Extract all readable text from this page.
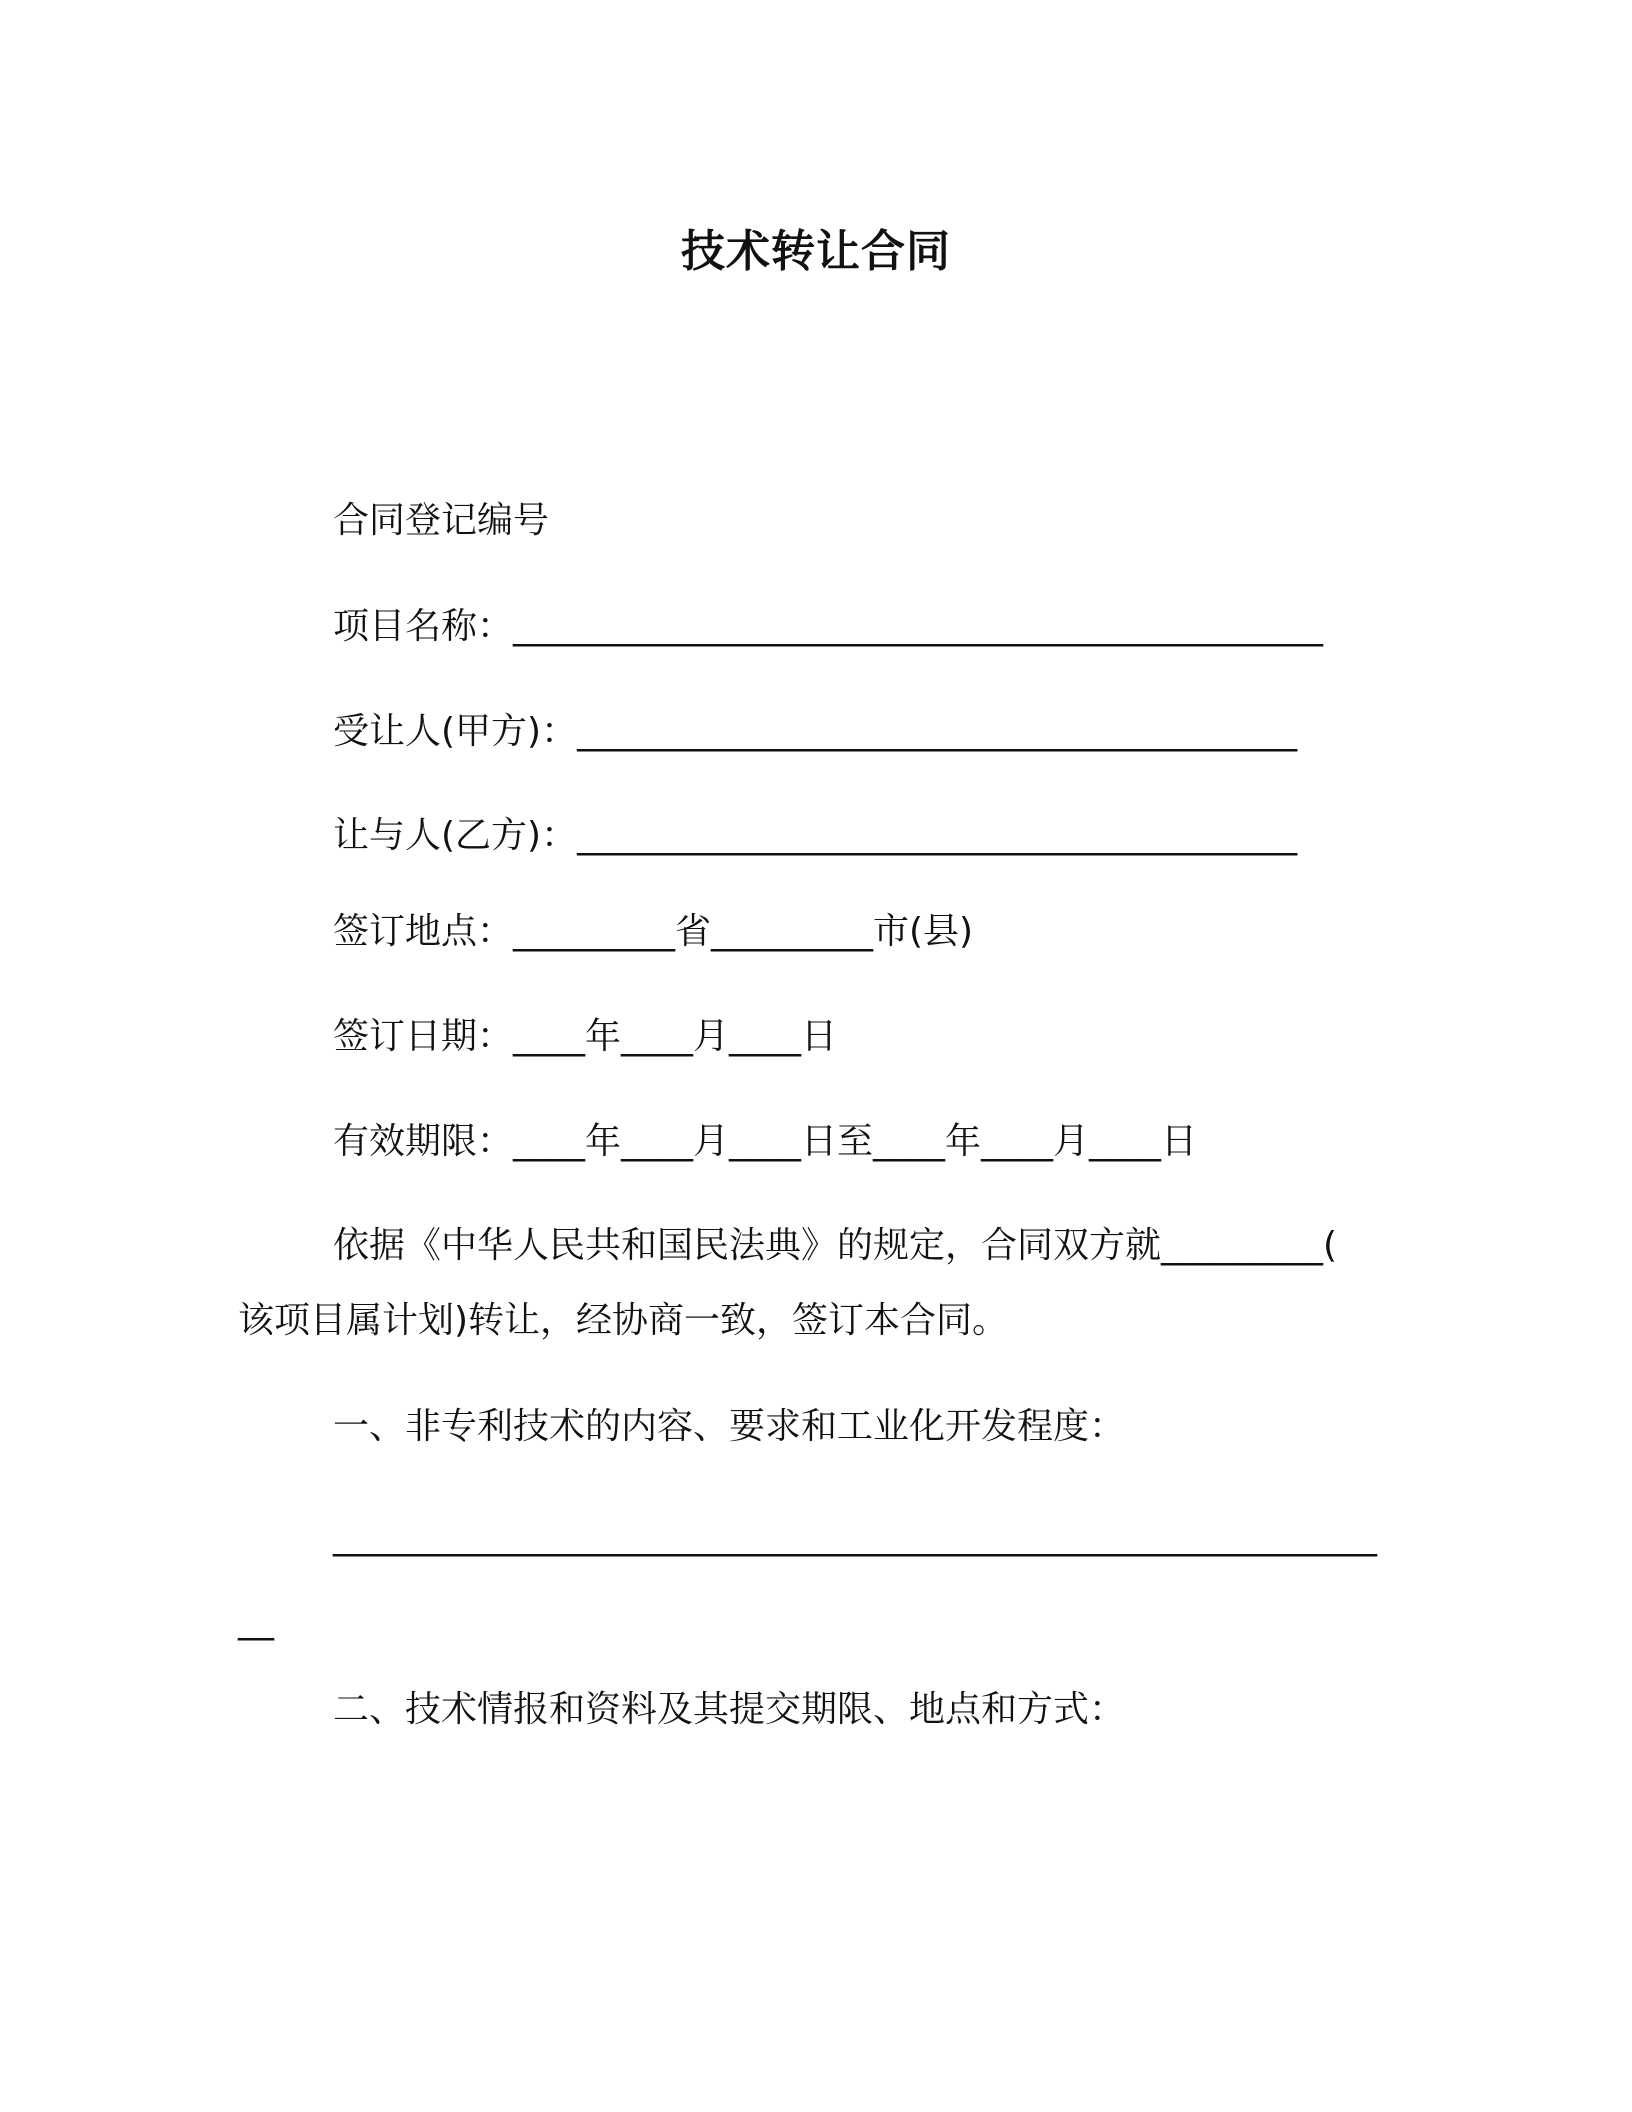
技术转让合同
合同登记编号
项目名称：_____________________________________________
受让人(甲方)：________________________________________
让与人(乙方)：________________________________________
签订地点：_________省_________市(县)
签订日期：____年____月____日
有效期限：____年____月____日至____年____月____日
依据《中华人民共和国民法典》的规定，合同双方就_________(
该项目属计划)转让，经协商一致，签订本合同。
一、非专利技术的内容、要求和工业化开发程度：
__________________________________________________________
__
二、技术情报和资料及其提交期限、地点和方式：
